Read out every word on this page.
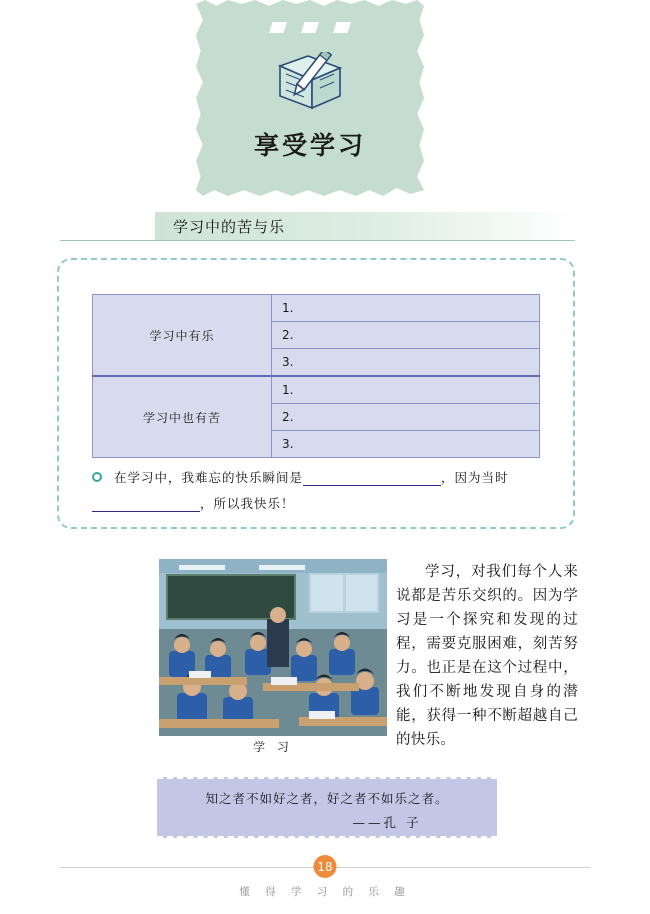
享受学习
学习中的苦与乐
学习中有乐	1.
	2.
	3.
学习中也有苦	1.
	2.
	3.
在学习中，我难忘的快乐瞬间是	，因为当时
，所以我快乐！
学 习
学习，对我们每个人来说都是苦乐交织的。因为学习是一个探究和发现的过程，需要克服困难，刻苦努力。也正是在这个过程中，我们不断地发现自身的潜能，获得一种不断超越自己的快乐。
知之者不如好之者，好之者不如乐之者。
——孔 子
18
懂 得 学 习 的 乐 趣
